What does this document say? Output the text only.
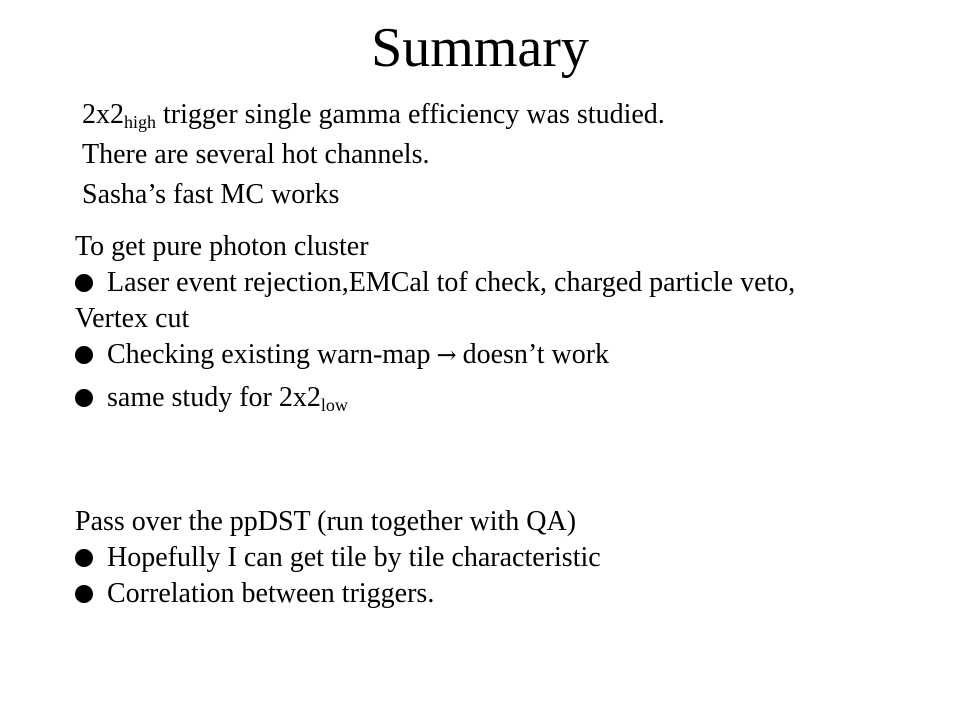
Summary
$2x2_{high}$ trigger single gamma efficiency was studied.
There are several hot channels.
Sasha’s fast MC works
To get pure photon cluster
Laser event rejection,EMCal tof check, charged particle veto,
Vertex cut
Checking existing warn-map → doesn’t work
same study for $2x2_{low}$
Pass over the ppDST (run together with QA)
Hopefully I can get tile by tile characteristic
Correlation between triggers.
